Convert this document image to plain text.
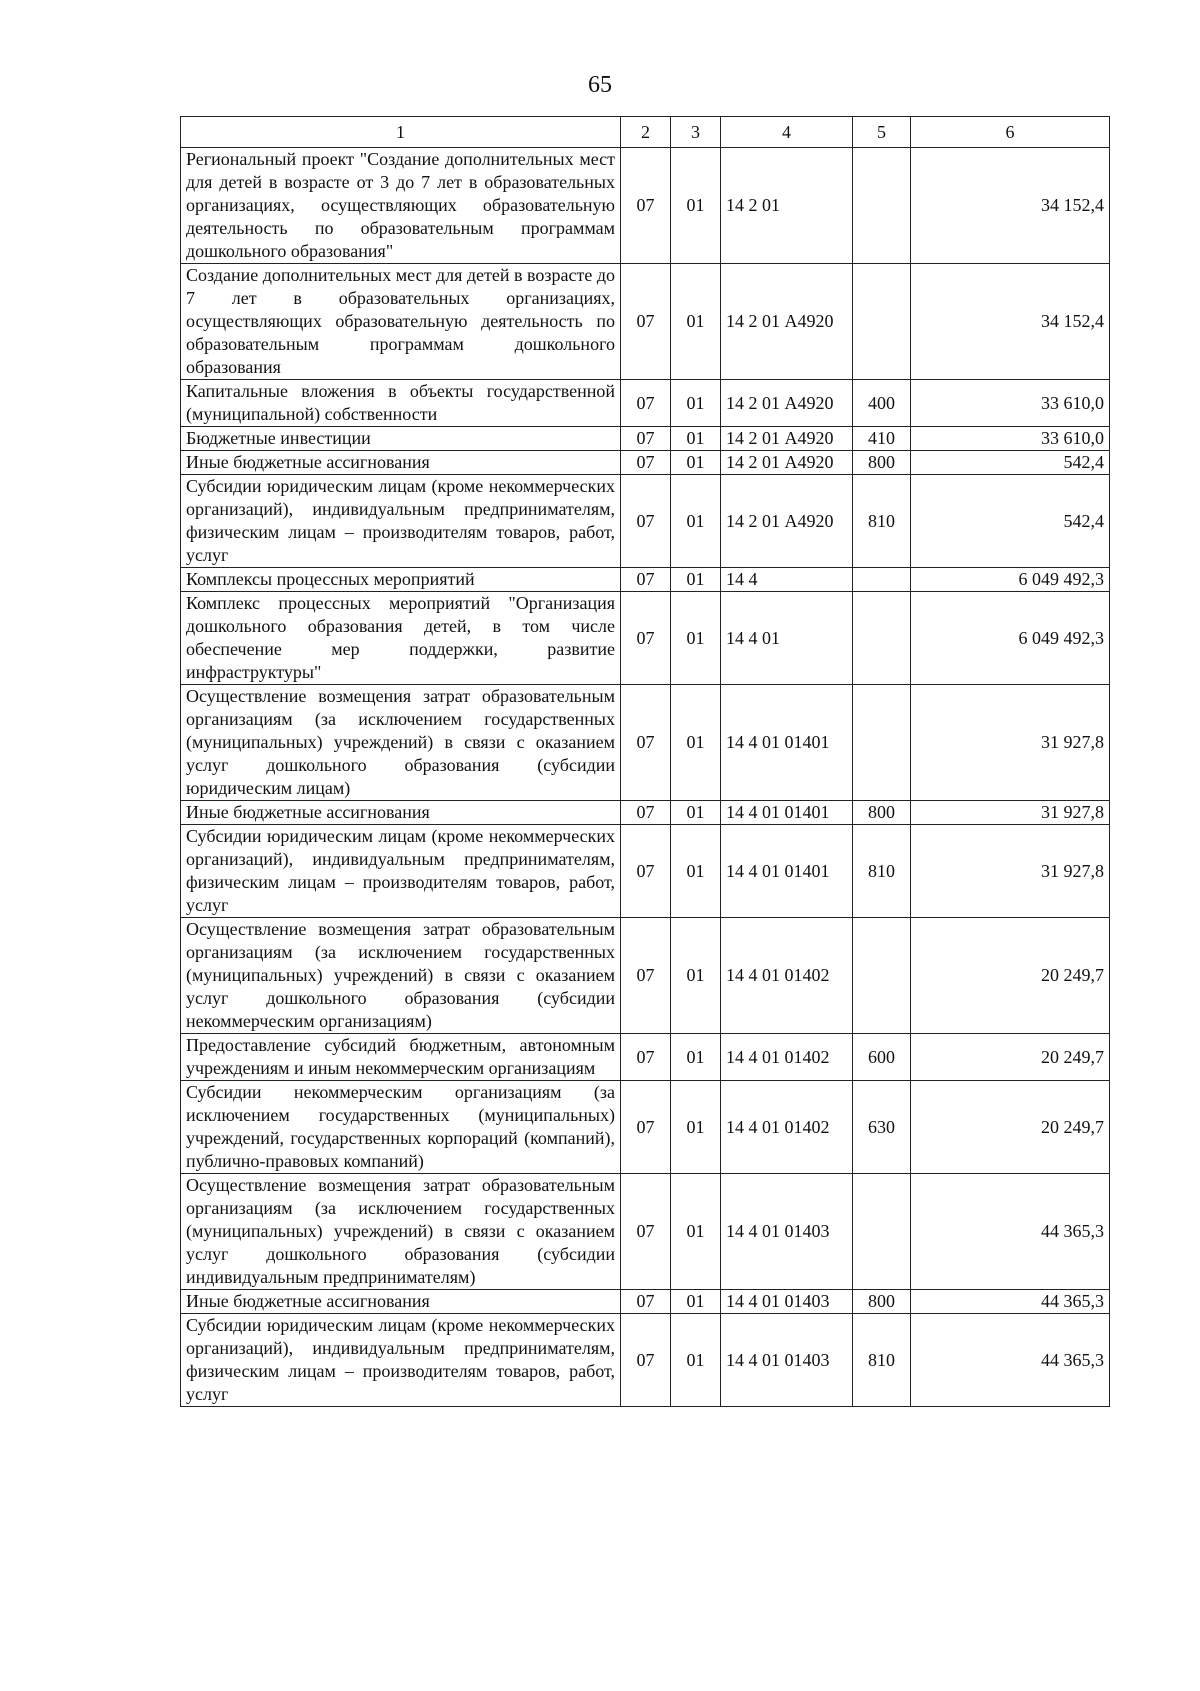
65
1	2	3	4	5	6
Региональный проект "Создание дополнительных мест для детей в возрасте от 3 до 7 лет в образовательных организациях, осуществляющих образовательную деятельность по образовательным программам дошкольного образования"	07	01	14 2 01		34 152,4
Создание дополнительных мест для детей в возрасте до 7 лет в образовательных организациях, осуществляющих образовательную деятельность по образовательным программам дошкольного образования	07	01	14 2 01 А4920		34 152,4
Капитальные вложения в объекты государственной (муниципальной) собственности	07	01	14 2 01 А4920	400	33 610,0
Бюджетные инвестиции	07	01	14 2 01 А4920	410	33 610,0
Иные бюджетные ассигнования	07	01	14 2 01 А4920	800	542,4
Субсидии юридическим лицам (кроме некоммерческих организаций), индивидуальным предпринимателям, физическим лицам – производителям товаров, работ, услуг	07	01	14 2 01 А4920	810	542,4
Комплексы процессных мероприятий	07	01	14 4		6 049 492,3
Комплекс процессных мероприятий "Организация дошкольного образования детей, в том числе обеспечение мер поддержки, развитие инфраструктуры"	07	01	14 4 01		6 049 492,3
Осуществление возмещения затрат образовательным организациям (за исключением государственных (муниципальных) учреждений) в связи с оказанием услуг дошкольного образования (субсидии юридическим лицам)	07	01	14 4 01 01401		31 927,8
Иные бюджетные ассигнования	07	01	14 4 01 01401	800	31 927,8
Субсидии юридическим лицам (кроме некоммерческих организаций), индивидуальным предпринимателям, физическим лицам – производителям товаров, работ, услуг	07	01	14 4 01 01401	810	31 927,8
Осуществление возмещения затрат образовательным организациям (за исключением государственных (муниципальных) учреждений) в связи с оказанием услуг дошкольного образования (субсидии некоммерческим организациям)	07	01	14 4 01 01402		20 249,7
Предоставление субсидий бюджетным, автономным учреждениям и иным некоммерческим организациям	07	01	14 4 01 01402	600	20 249,7
Субсидии некоммерческим организациям (за исключением государственных (муниципальных) учреждений, государственных корпораций (компаний), публично-правовых компаний)	07	01	14 4 01 01402	630	20 249,7
Осуществление возмещения затрат образовательным организациям (за исключением государственных (муниципальных) учреждений) в связи с оказанием услуг дошкольного образования (субсидии индивидуальным предпринимателям)	07	01	14 4 01 01403		44 365,3
Иные бюджетные ассигнования	07	01	14 4 01 01403	800	44 365,3
Субсидии юридическим лицам (кроме некоммерческих организаций), индивидуальным предпринимателям, физическим лицам – производителям товаров, работ, услуг	07	01	14 4 01 01403	810	44 365,3
